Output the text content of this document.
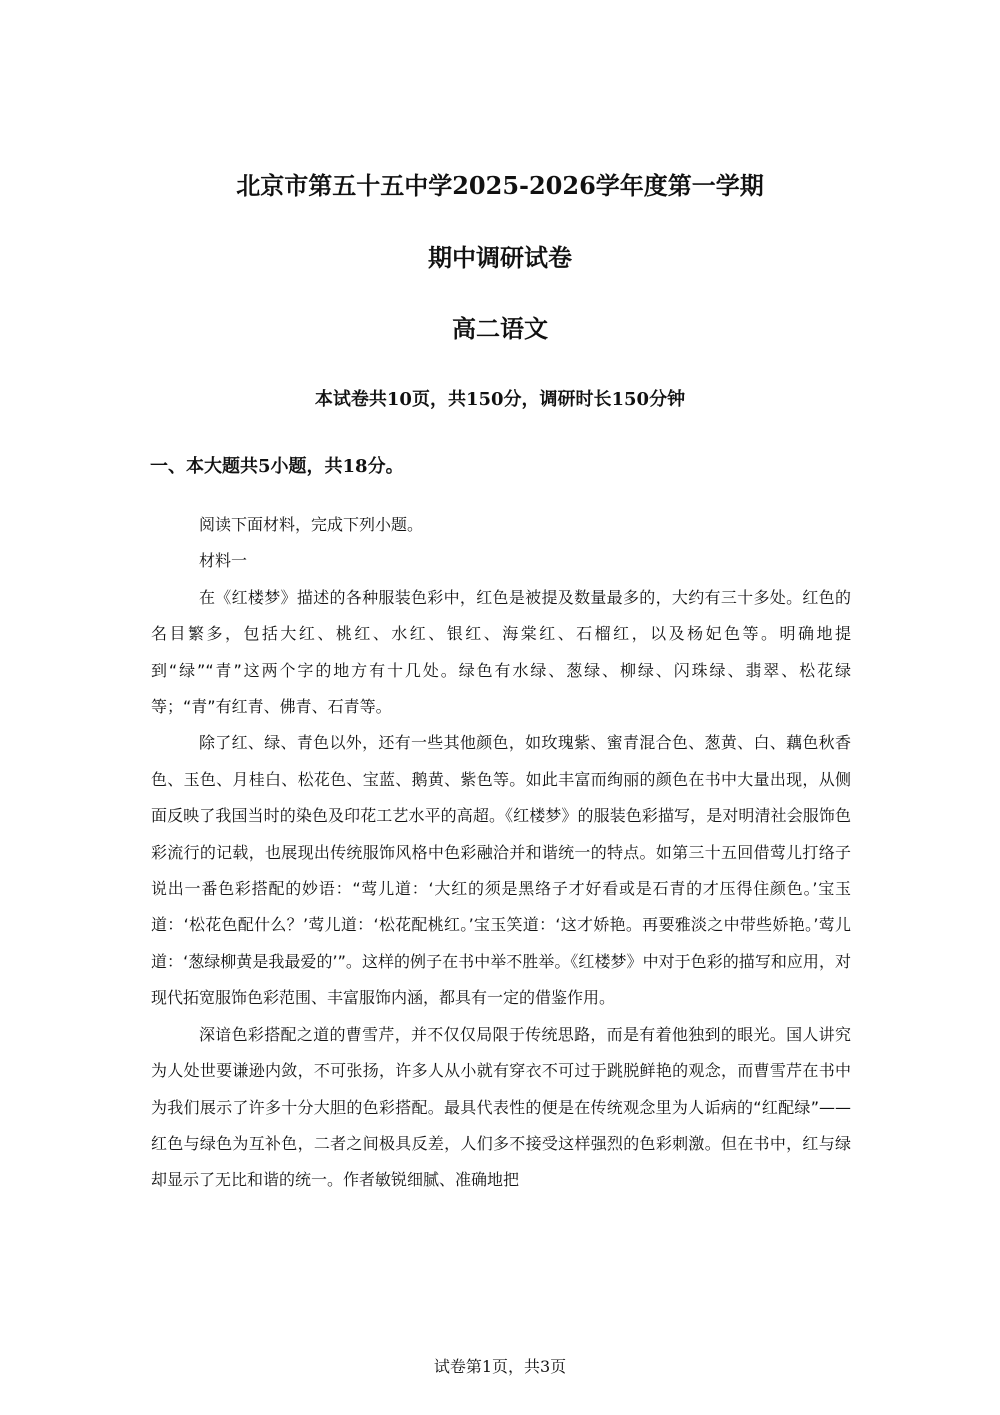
北京市第五十五中学2025-2026学年度第一学期
期中调研试卷
高二语文
本试卷共10页，共150分，调研时长150分钟
一、本大题共5小题，共18分。

阅读下面材料，完成下列小题。

材料一

在《红楼梦》描述的各种服装色彩中，红色是被提及数量最多的，大约有三十多处。红色的名目繁多，包括大红、桃红、水红、银红、海棠红、石榴红，以及杨妃色等。明确地提到“绿”“青”这两个字的地方有十几处。绿色有水绿、葱绿、柳绿、闪珠绿、翡翠、松花绿等；“青”有红青、佛青、石青等。

除了红、绿、青色以外，还有一些其他颜色，如玫瑰紫、蜜青混合色、葱黄、白、藕色秋香色、玉色、月桂白、松花色、宝蓝、鹅黄、紫色等。如此丰富而绚丽的颜色在书中大量出现，从侧面反映了我国当时的染色及印花工艺水平的高超。《红楼梦》的服装色彩描写，是对明清社会服饰色彩流行的记载，也展现出传统服饰风格中色彩融洽并和谐统一的特点。如第三十五回借莺儿打络子说出一番色彩搭配的妙语：“莺儿道：‘大红的须是黑络子才好看或是石青的才压得住颜色。’宝玉道：‘松花色配什么？’莺儿道：‘松花配桃红。’宝玉笑道：‘这才娇艳。再要雅淡之中带些娇艳。’莺儿道：‘葱绿柳黄是我最爱的’”。这样的例子在书中举不胜举。《红楼梦》中对于色彩的描写和应用，对现代拓宽服饰色彩范围、丰富服饰内涵，都具有一定的借鉴作用。

深谙色彩搭配之道的曹雪芹，并不仅仅局限于传统思路，而是有着他独到的眼光。国人讲究为人处世要谦逊内敛，不可张扬，许多人从小就有穿衣不可过于跳脱鲜艳的观念，而曹雪芹在书中为我们展示了许多十分大胆的色彩搭配。最具代表性的便是在传统观念里为人诟病的“红配绿”——红色与绿色为互补色，二者之间极具反差，人们多不接受这样强烈的色彩刺激。但在书中，红与绿却显示了无比和谐的统一。作者敏锐细腻、准确地把

试卷第1页，共3页
